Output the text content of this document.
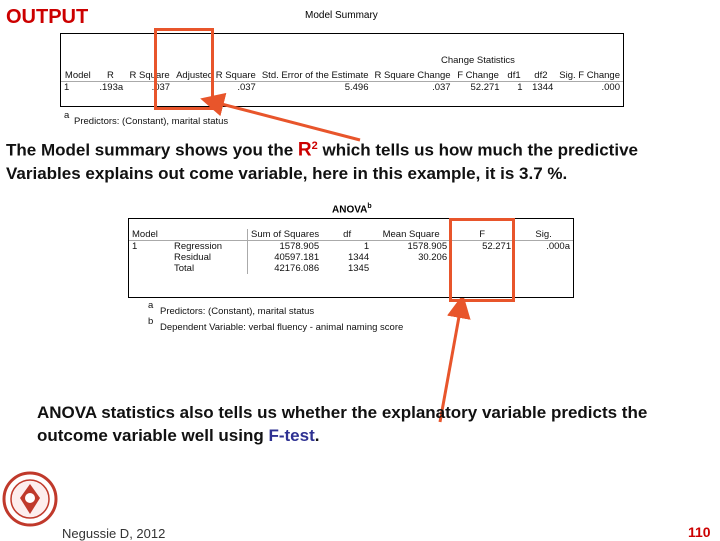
OUTPUT	Model Summary
Change Statistics
Model	R	R Square	Adjusted R Square	Std. Error of the Estimate	R Square Change	F Change	df1	df2	Sig. F Change
1	.193a	.037	.037	5.496	.037	52.271	1	1344	.000
a
Predictors: (Constant), marital status
The Model summary shows you the $R^2$ which tells us how much the predictive Variables explains out come variable, here in this example, it is 3.7 %.
ANOVA$^b$
Model		Sum of Squares	df	Mean Square	F	Sig.
1	Regression	1578.905	1	1578.905	52.271	.000a
	Residual	40597.181	1344	30.206		
	Total	42176.086	1345			
a
Predictors: (Constant), marital status
b
Dependent Variable: verbal fluency - animal naming score
ANOVA statistics also tells us whether the explanatory variable predicts the outcome variable well using F-test.
Negussie D, 2012	110
